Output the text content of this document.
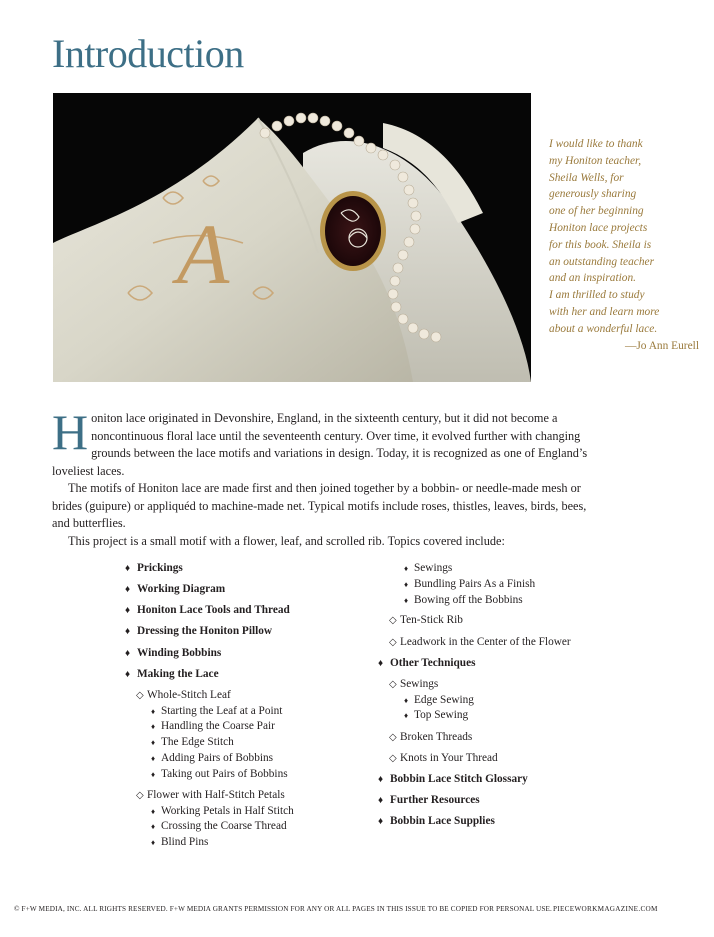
Introduction
A

I would like to thank

my Honiton teacher,

Sheila Wells, for

generously sharing

one of her beginning

Honiton lace projects

for this book. Sheila is

an outstanding teacher

and an inspiration.

I am thrilled to study

with her and learn more

about a wonderful lace.

—Jo Ann Eurell

Honiton lace originated in Devonshire, England, in the sixteenth century, but it did not become a noncontinuous floral lace until the seventeenth century. Over time, it evolved further with changing grounds between the lace motifs and variations in design. Today, it is recognized as one of England’s loveliest laces.

The motifs of Honiton lace are made first and then joined together by a bobbin- or needle-made mesh or brides (guipure) or appliquéd to machine-made net. Typical motifs include roses, thistles, leaves, birds, bees, and butterflies.

This project is a small motif with a flower, leaf, and scrolled rib. Topics covered include:

♦ Prickings
♦ Working Diagram
♦ Honiton Lace Tools and Thread
♦ Dressing the Honiton Pillow
♦ Winding Bobbins
♦ Making the Lace
◇ Whole-Stitch Leaf
♦ Starting the Leaf at a Point
♦ Handling the Coarse Pair
♦ The Edge Stitch
♦ Adding Pairs of Bobbins
♦ Taking out Pairs of Bobbins
◇ Flower with Half-Stitch Petals
♦ Working Petals in Half Stitch
♦ Crossing the Coarse Thread
♦ Blind Pins
♦ Sewings
♦ Bundling Pairs As a Finish
♦ Bowing off the Bobbins
◇ Ten-Stick Rib
◇ Leadwork in the Center of the Flower
♦ Other Techniques
◇ Sewings
♦ Edge Sewing
♦ Top Sewing
◇ Broken Threads
◇ Knots in Your Thread
♦ Bobbin Lace Stitch Glossary
♦ Further Resources
♦ Bobbin Lace Supplies
© F+W MEDIA, INC. ALL RIGHTS RESERVED. F+W MEDIA GRANTS PERMISSION FOR ANY OR ALL PAGES IN THIS ISSUE TO BE COPIED FOR PERSONAL USE. PIECEWORKMAGAZINE.COM
